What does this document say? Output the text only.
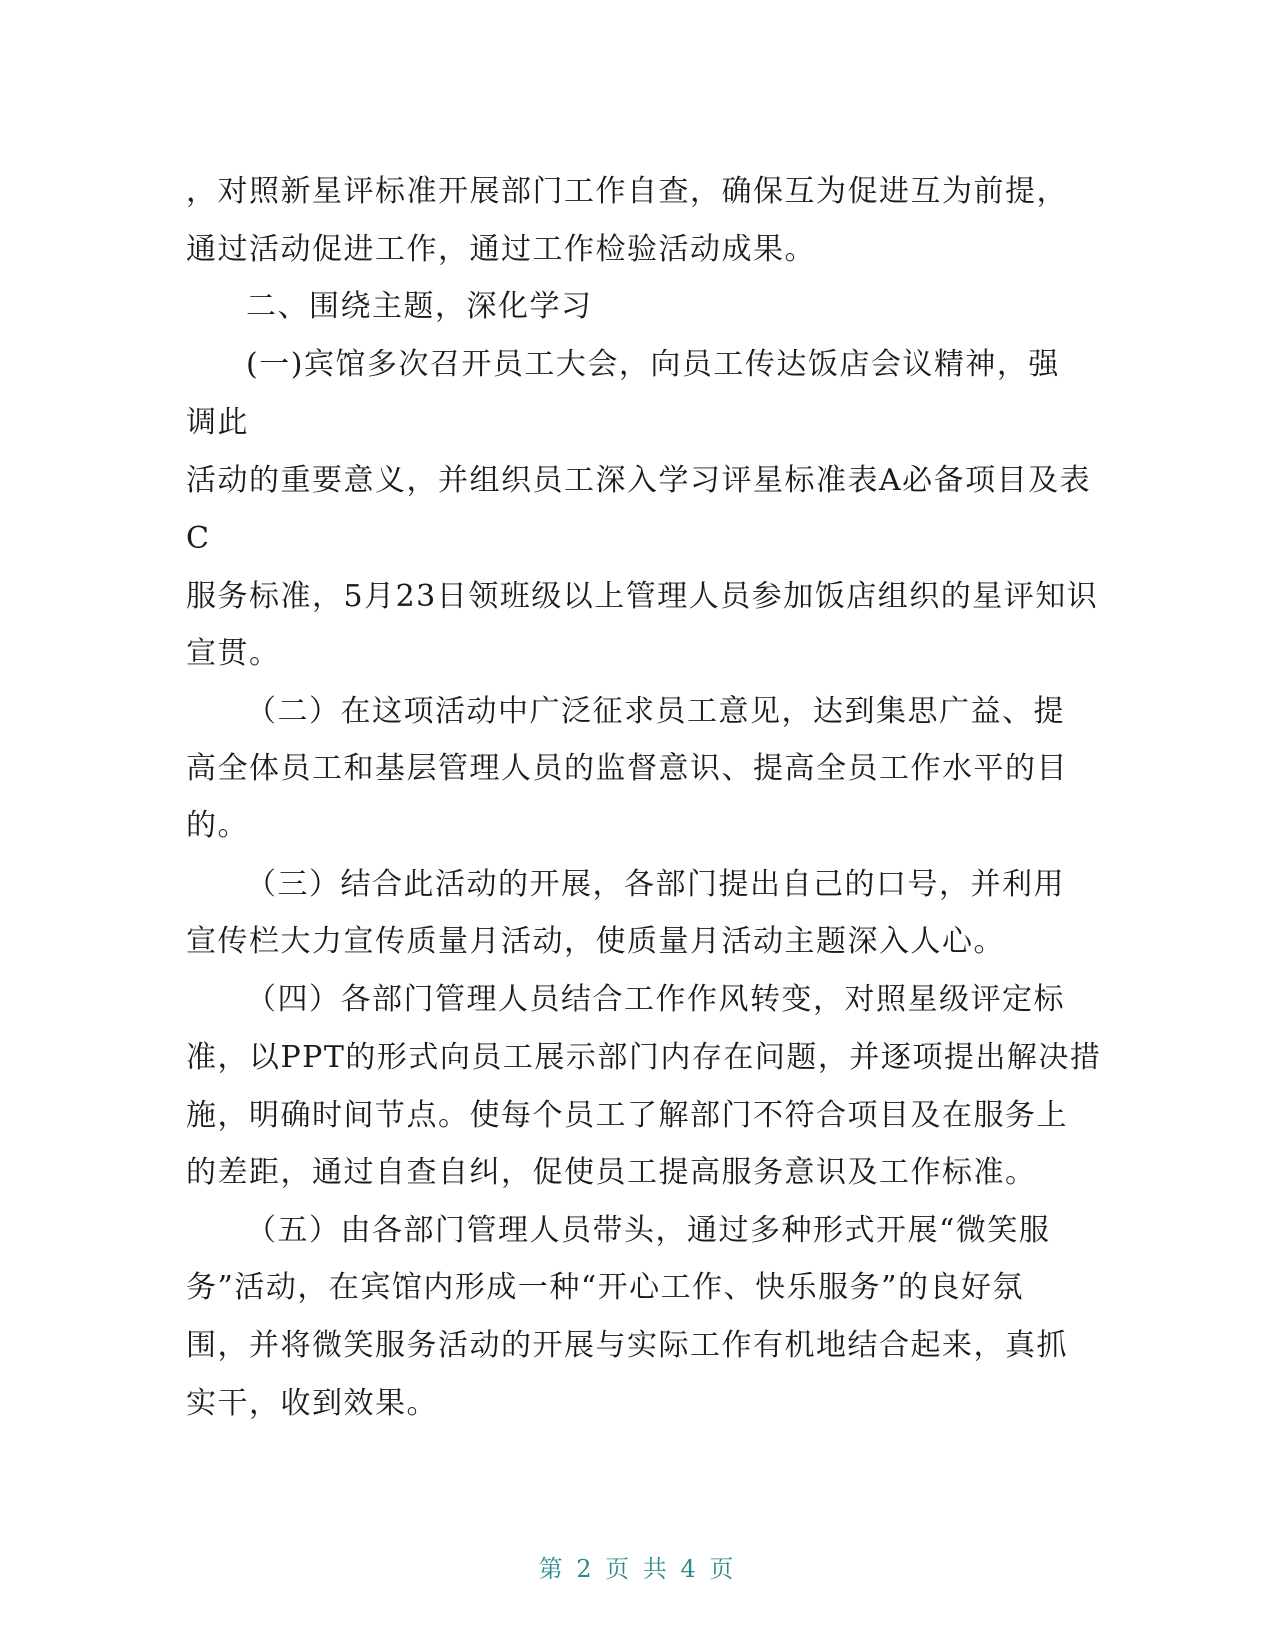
，对照新星评标准开展部门工作自查，确保互为促进互为前提，

通过活动促进工作，通过工作检验活动成果。

二、围绕主题，深化学习

(一)宾馆多次召开员工大会，向员工传达饭店会议精神，强

调此

活动的重要意义，并组织员工深入学习评星标准表A必备项目及表

C

服务标准，5月23日领班级以上管理人员参加饭店组织的星评知识

宣贯。

（二）在这项活动中广泛征求员工意见，达到集思广益、提

高全体员工和基层管理人员的监督意识、提高全员工作水平的目

的。

（三）结合此活动的开展，各部门提出自己的口号，并利用

宣传栏大力宣传质量月活动，使质量月活动主题深入人心。

（四）各部门管理人员结合工作作风转变，对照星级评定标

准，以PPT的形式向员工展示部门内存在问题，并逐项提出解决措

施，明确时间节点。使每个员工了解部门不符合项目及在服务上

的差距，通过自查自纠，促使员工提高服务意识及工作标准。

（五）由各部门管理人员带头，通过多种形式开展“微笑服

务”活动，在宾馆内形成一种“开心工作、快乐服务”的良好氛

围，并将微笑服务活动的开展与实际工作有机地结合起来，真抓

实干，收到效果。

第 2 页 共 4 页
